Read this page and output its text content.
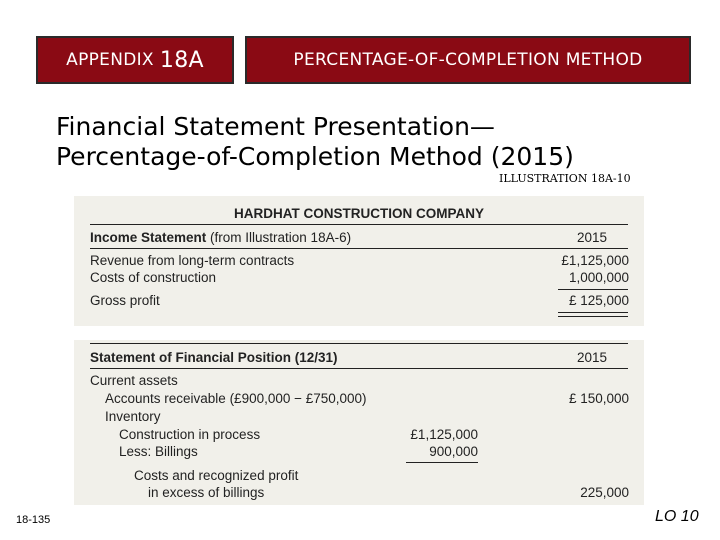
APPENDIX 18A	PERCENTAGE-OF-COMPLETION METHOD
Financial Statement Presentation—
Percentage-of-Completion Method (2015)
ILLUSTRATION 18A-10
HARDHAT CONSTRUCTION COMPANY
Income Statement (from Illustration 18A-6)	2015
Revenue from long-term contracts	£1,125,000
Costs of construction	1,000,000
Gross profit	£ 125,000
Statement of Financial Position (12/31)	2015
Current assets
Accounts receivable (£900,000 − £750,000)	£ 150,000
Inventory
Construction in process	£1,125,000
Less: Billings	900,000
Costs and recognized profit
in excess of billings	225,000
18-135	LO 10
